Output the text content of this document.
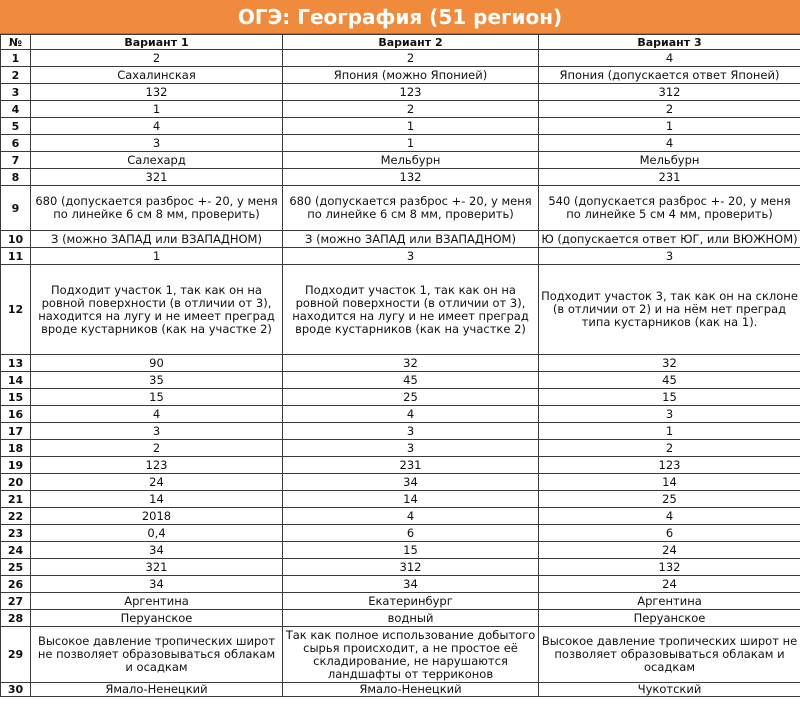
ОГЭ: География (51 регион)
№	Вариант 1	Вариант 2	Вариант 3
1	2	2	4
2	Сахалинская	Япония (можно Японией)	Япония (допускается ответ Японей)
3	132	123	312
4	1	2	2
5	4	1	1
6	3	1	4
7	Салехард	Мельбурн	Мельбурн
8	321	132	231
9	680 (допускается разброс +- 20, у меня по линейке 6 см 8 мм, проверить)	680 (допускается разброс +- 20, у меня по линейке 6 см 8 мм, проверить)	540 (допускается разброс +- 20, у меня по линейке 5 см 4 мм, проверить)
10	З (можно ЗАПАД или ВЗАПАДНОМ)	З (можно ЗАПАД или ВЗАПАДНОМ)	Ю (допускается ответ ЮГ, или ВЮЖНОМ)
11	1	3	3
12	Подходит участок 1, так как он на ровной поверхности (в отличии от 3), находится на лугу и не имеет преград вроде кустарников (как на участке 2)	Подходит участок 1, так как он на ровной поверхности (в отличии от 3), находится на лугу и не имеет преград вроде кустарников (как на участке 2)	Подходит участок 3, так как он на склоне (в отличии от 2) и на нём нет преград типа кустарников (как на 1).
13	90	32	32
14	35	45	45
15	15	25	15
16	4	4	3
17	3	3	1
18	2	3	2
19	123	231	123
20	24	34	14
21	14	14	25
22	2018	4	4
23	0,4	6	6
24	34	15	24
25	321	312	132
26	34	34	24
27	Аргентина	Екатеринбург	Аргентина
28	Перуанское	водный	Перуанское
29	Высокое давление тропических широт не позволяет образовываться облакам и осадкам	Так как полное использование добытого сырья происходит, а не простое её складирование, не нарушаются ландшафты от терриконов	Высокое давление тропических широт не позволяет образовываться облакам и осадкам
30	Ямало-Ненецкий	Ямало-Ненецкий	Чукотский
